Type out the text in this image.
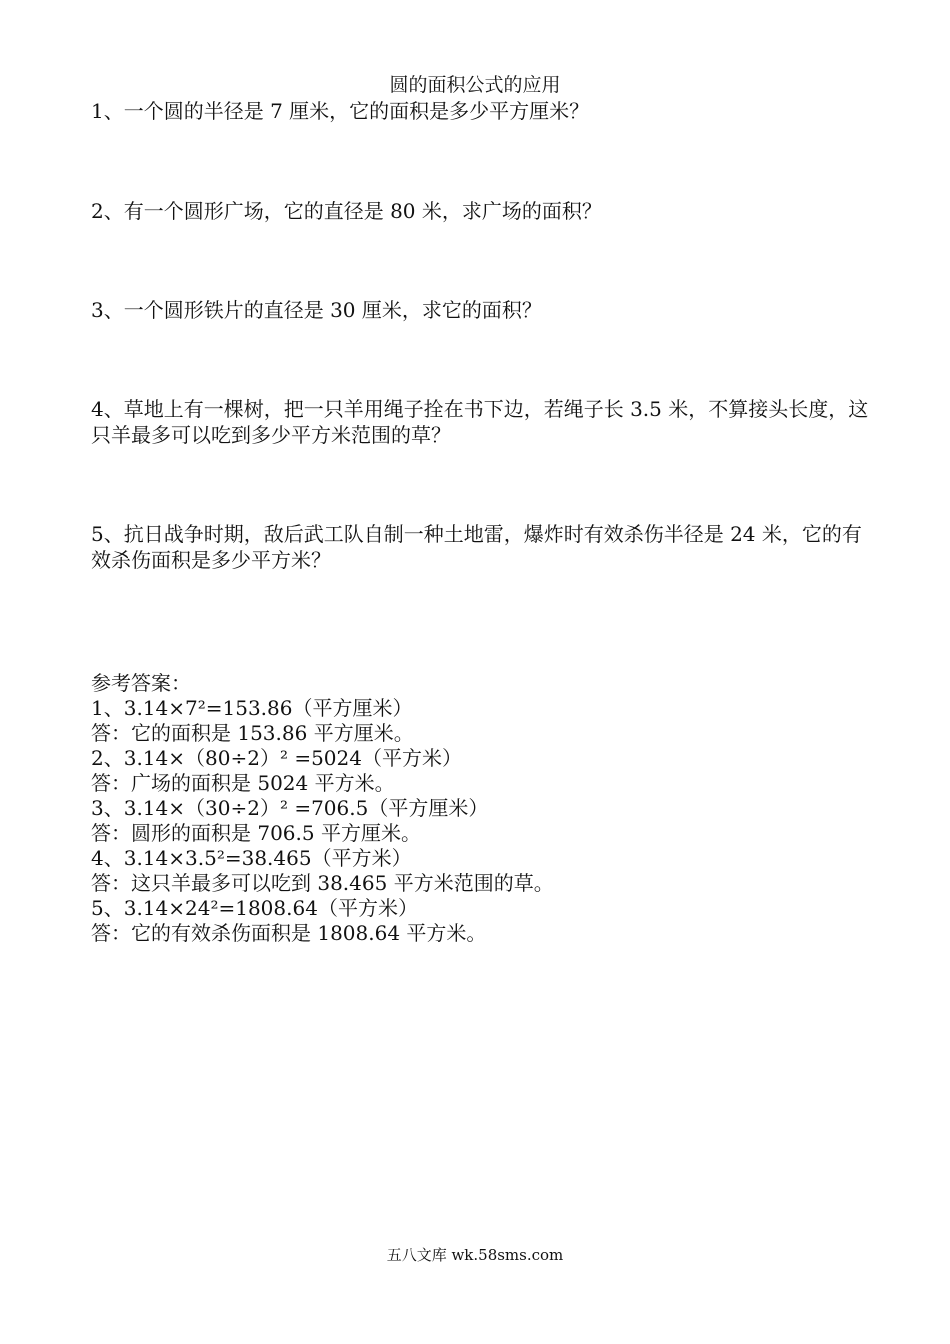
圆的面积公式的应用

1、一个圆的半径是 7 厘米，它的面积是多少平方厘米？

2、有一个圆形广场，它的直径是 80 米，求广场的面积？

3、一个圆形铁片的直径是 30 厘米，求它的面积？

4、草地上有一棵树，把一只羊用绳子拴在书下边，若绳子长 3.5 米，不算接头长度，这只羊最多可以吃到多少平方米范围的草？

5、抗日战争时期，敌后武工队自制一种土地雷，爆炸时有效杀伤半径是 24 米，它的有效杀伤面积是多少平方米？

参考答案：
1、3.14×7²=153.86（平方厘米）
答：它的面积是 153.86 平方厘米。
2、3.14×（80÷2）² =5024（平方米）
答：广场的面积是 5024 平方米。
3、3.14×（30÷2）² =706.5（平方厘米）
答：圆形的面积是 706.5 平方厘米。
4、3.14×3.5²=38.465（平方米）
答：这只羊最多可以吃到 38.465 平方米范围的草。
5、3.14×24²=1808.64（平方米）
答：它的有效杀伤面积是 1808.64 平方米。
五八文库 wk.58sms.com
